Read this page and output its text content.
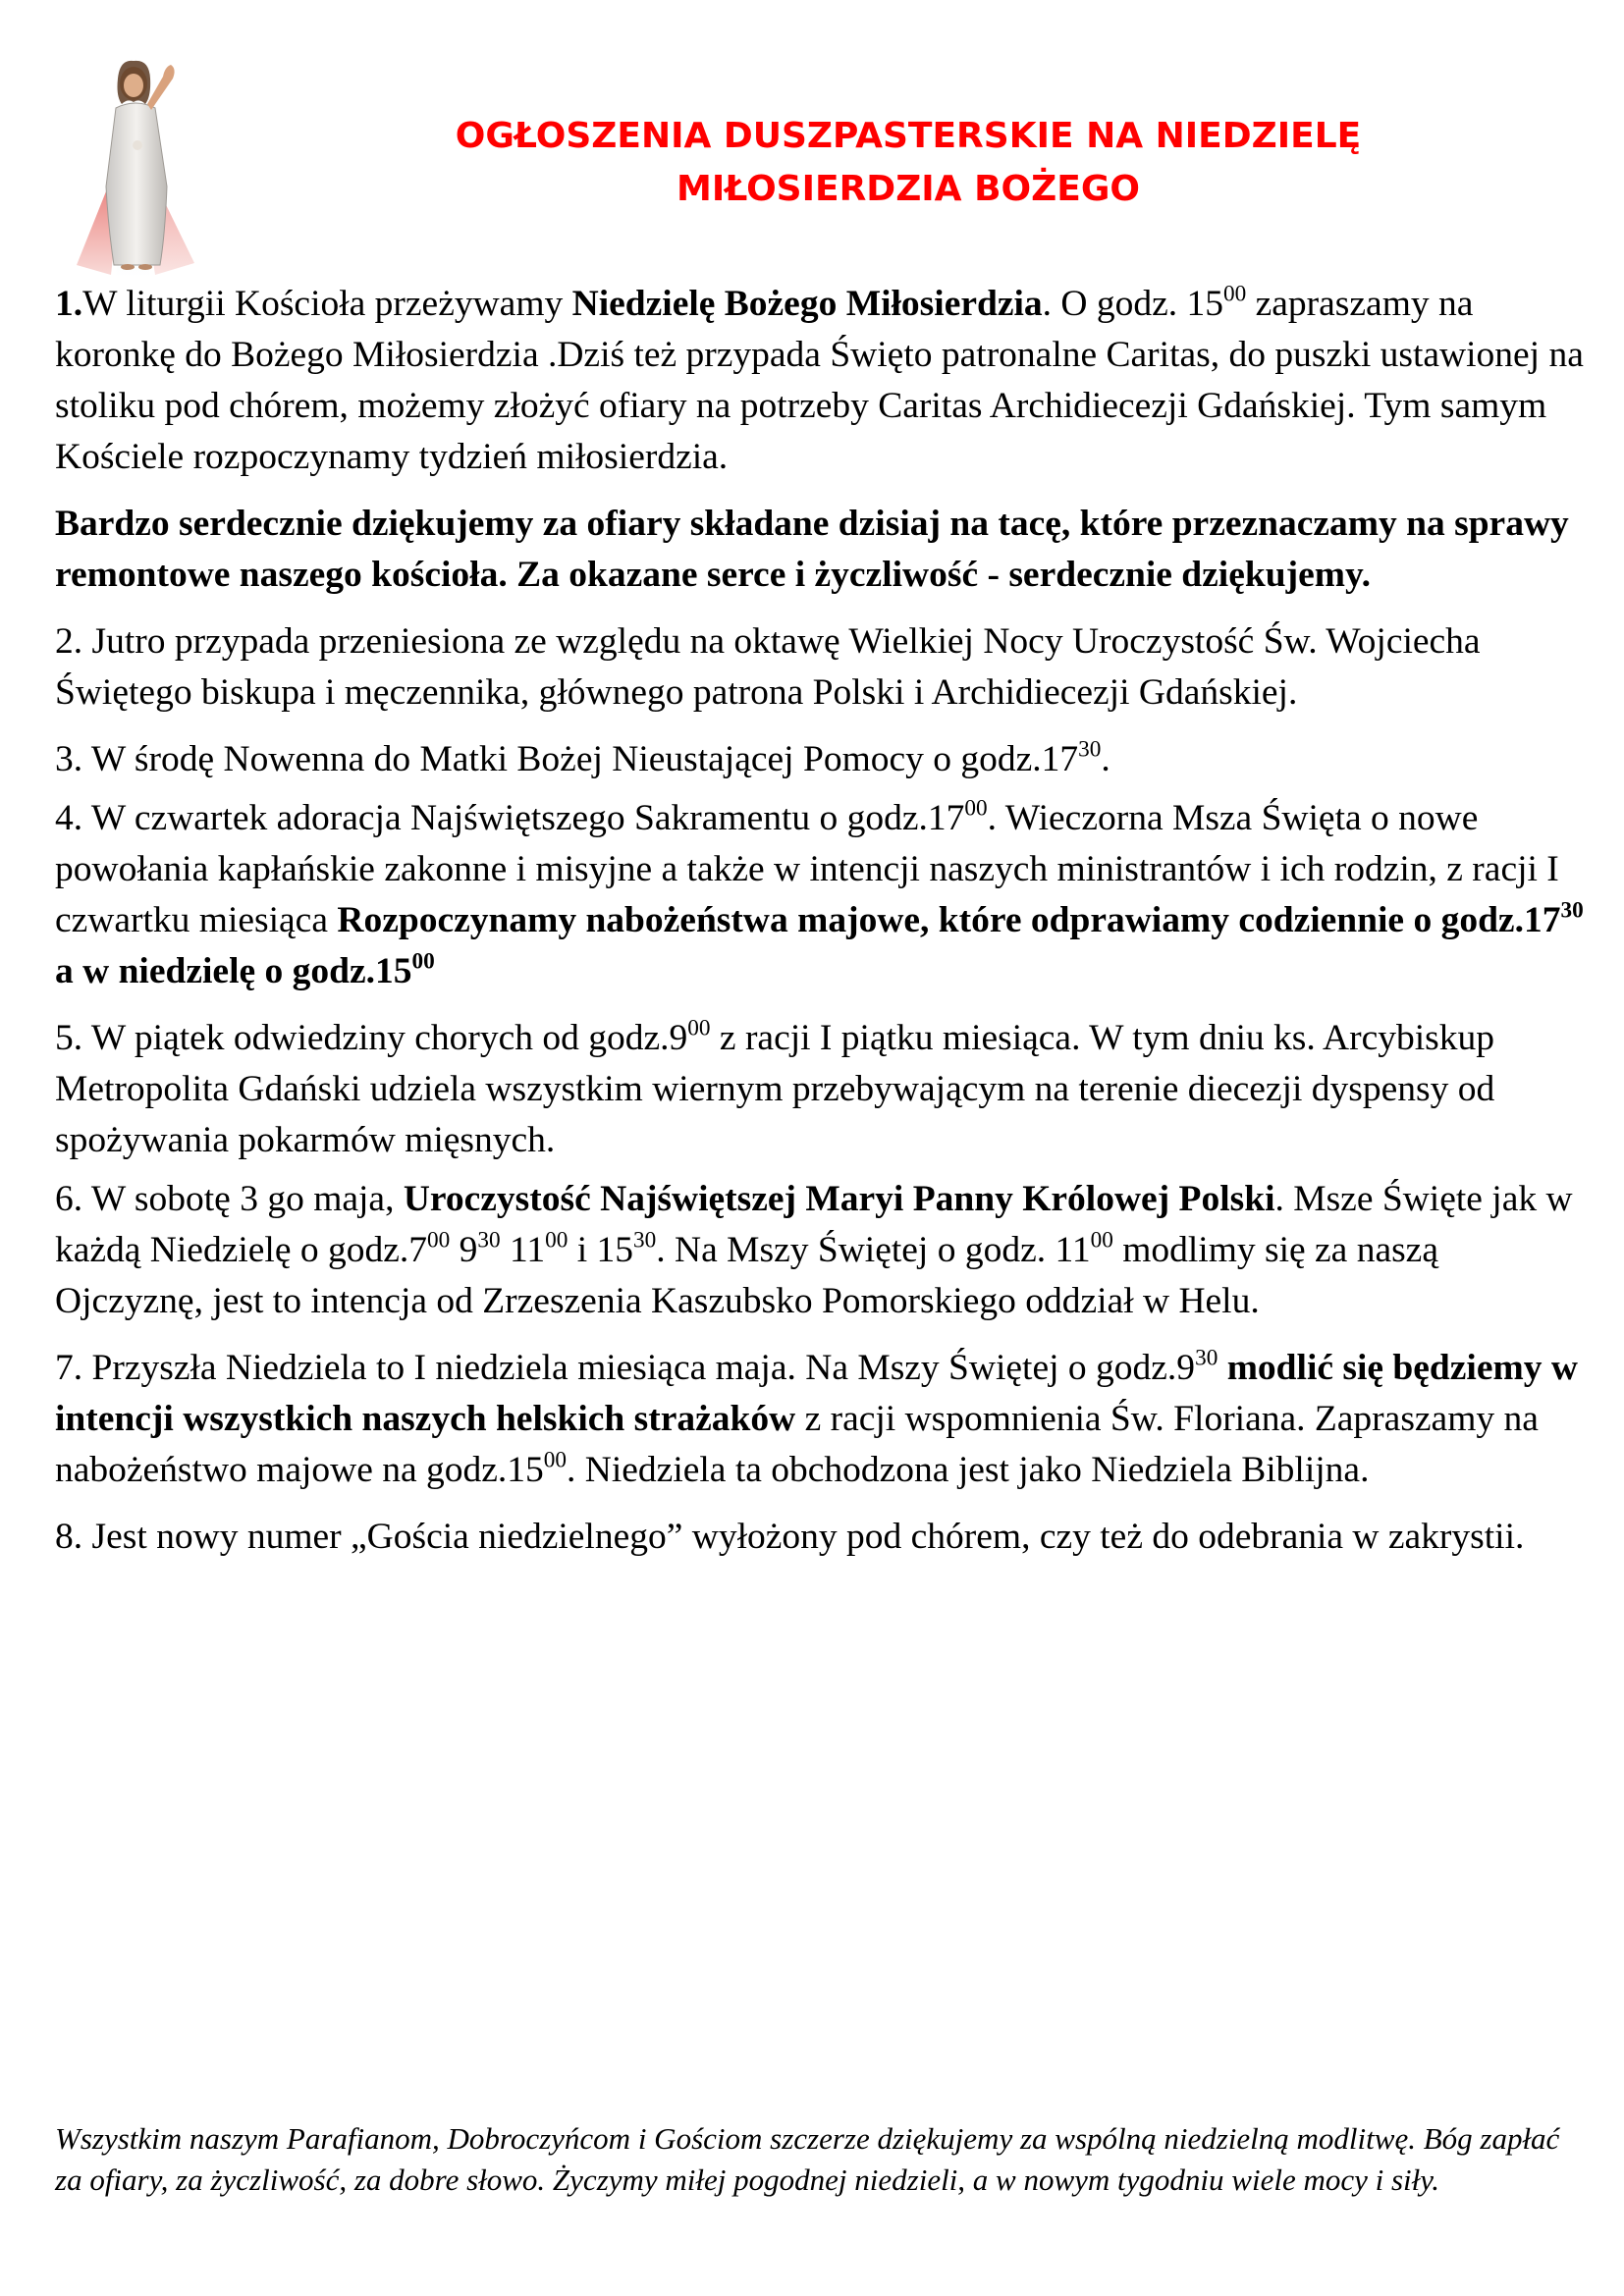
OGŁOSZENIA DUSZPASTERSKIE NA NIEDZIELĘ
MIŁOSIERDZIA BOŻEGO

1.W liturgii Kościoła przeżywamy Niedzielę Bożego Miłosierdzia. O godz. $15^{00}$ zapraszamy na koronkę do Bożego Miłosierdzia .Dziś też przypada Święto patronalne Caritas, do puszki ustawionej na stoliku pod chórem, możemy złożyć ofiary na potrzeby Caritas Archidiecezji Gdańskiej. Tym samym Kościele rozpoczynamy tydzień miłosierdzia.

Bardzo serdecznie dziękujemy za ofiary składane dzisiaj na tacę, które przeznaczamy na sprawy remontowe naszego kościoła. Za okazane serce i życzliwość - serdecznie dziękujemy.

2. Jutro przypada przeniesiona ze względu na oktawę Wielkiej Nocy Uroczystość Św. Wojciecha Świętego biskupa i męczennika, głównego patrona Polski i Archidiecezji Gdańskiej.

3. W środę Nowenna do Matki Bożej Nieustającej Pomocy o $godz.17^{30}$.

4. W czwartek adoracja Najświętszego Sakramentu o $godz.17^{00}$. Wieczorna Msza Święta o nowe powołania kapłańskie zakonne i misyjne a także w intencji naszych ministrantów i ich rodzin, z racji I czwartku miesiąca Rozpoczynamy nabożeństwa majowe, które odprawiamy codziennie o $godz.17^{30}$ a w niedzielę o $godz.15^{00}$

5. W piątek odwiedziny chorych od $godz.9^{00}$ z racji I piątku miesiąca. W tym dniu ks. Arcybiskup Metropolita Gdański udziela wszystkim wiernym przebywającym na terenie diecezji dyspensy od spożywania pokarmów mięsnych.

6. W sobotę 3 go maja, Uroczystość Najświętszej Maryi Panny Królowej Polski. Msze Święte jak w każdą Niedzielę o $godz.7^{00}$ $9^{30}$ $11^{00}$ i $15^{30}$. Na Mszy Świętej o godz. $11^{00}$ modlimy się za naszą Ojczyznę, jest to intencja od Zrzeszenia Kaszubsko Pomorskiego oddział w Helu.

7. Przyszła Niedziela to I niedziela miesiąca maja. Na Mszy Świętej o $godz.9^{30}$ modlić się będziemy w intencji wszystkich naszych helskich strażaków z racji wspomnienia Św. Floriana. Zapraszamy na nabożeństwo majowe na $godz.15^{00}$. Niedziela ta obchodzona jest jako Niedziela Biblijna.

8. Jest nowy numer „Gościa niedzielnego” wyłożony pod chórem, czy też do odebrania w zakrystii.

Wszystkim naszym Parafianom, Dobroczyńcom i Gościom szczerze dziękujemy za wspólną niedzielną modlitwę. Bóg zapłać za ofiary, za życzliwość, za dobre słowo. Życzymy miłej pogodnej niedzieli, a w nowym tygodniu wiele mocy i siły.
